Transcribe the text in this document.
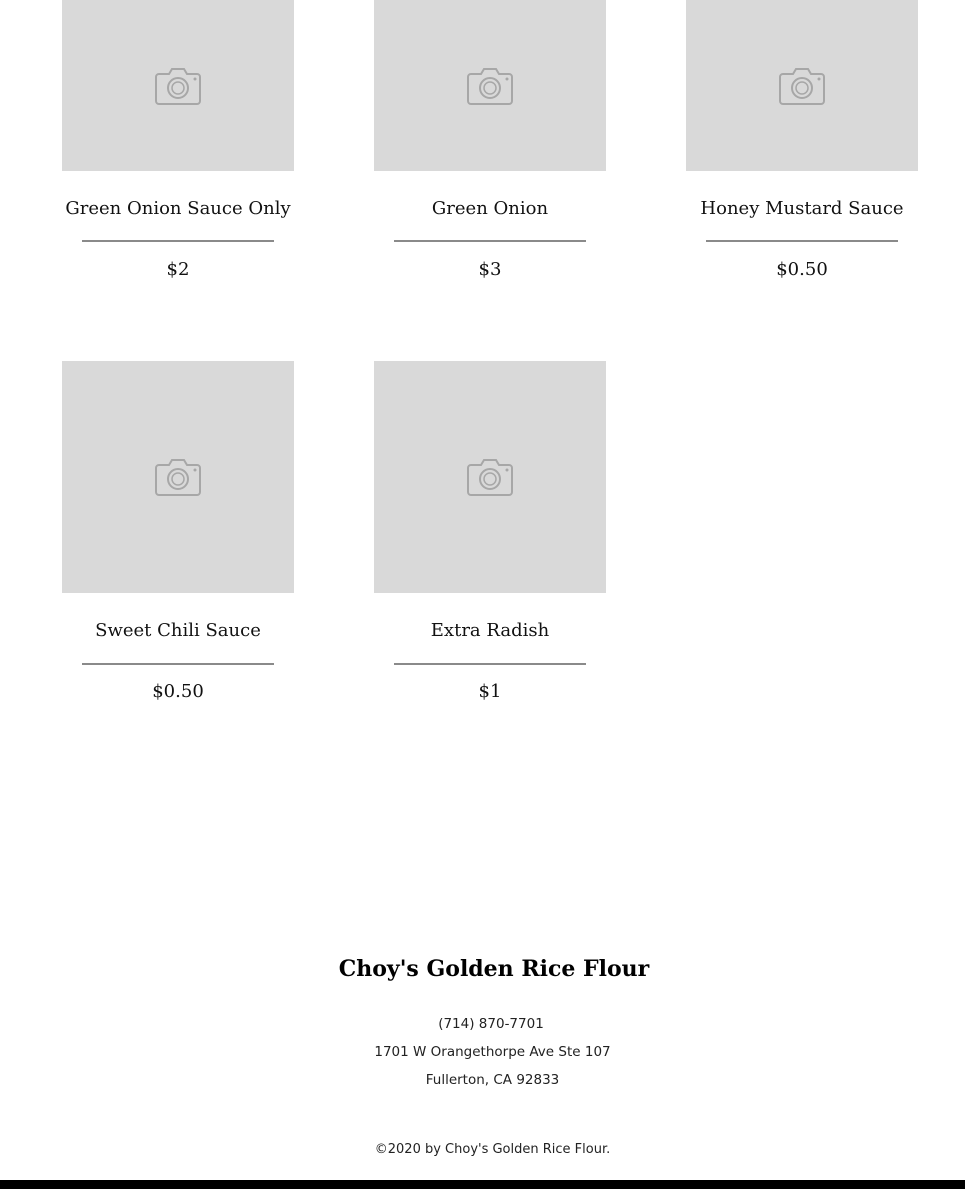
Green Onion Sauce Only
$2
Green Onion
$3
Honey Mustard Sauce
$0.50
Sweet Chili Sauce
$0.50
Extra Radish
$1
Choy's Golden Rice Flour
(714) 870-7701
1701 W Orangethorpe Ave Ste 107
Fullerton, CA 92833
©2020 by Choy's Golden Rice Flour.
